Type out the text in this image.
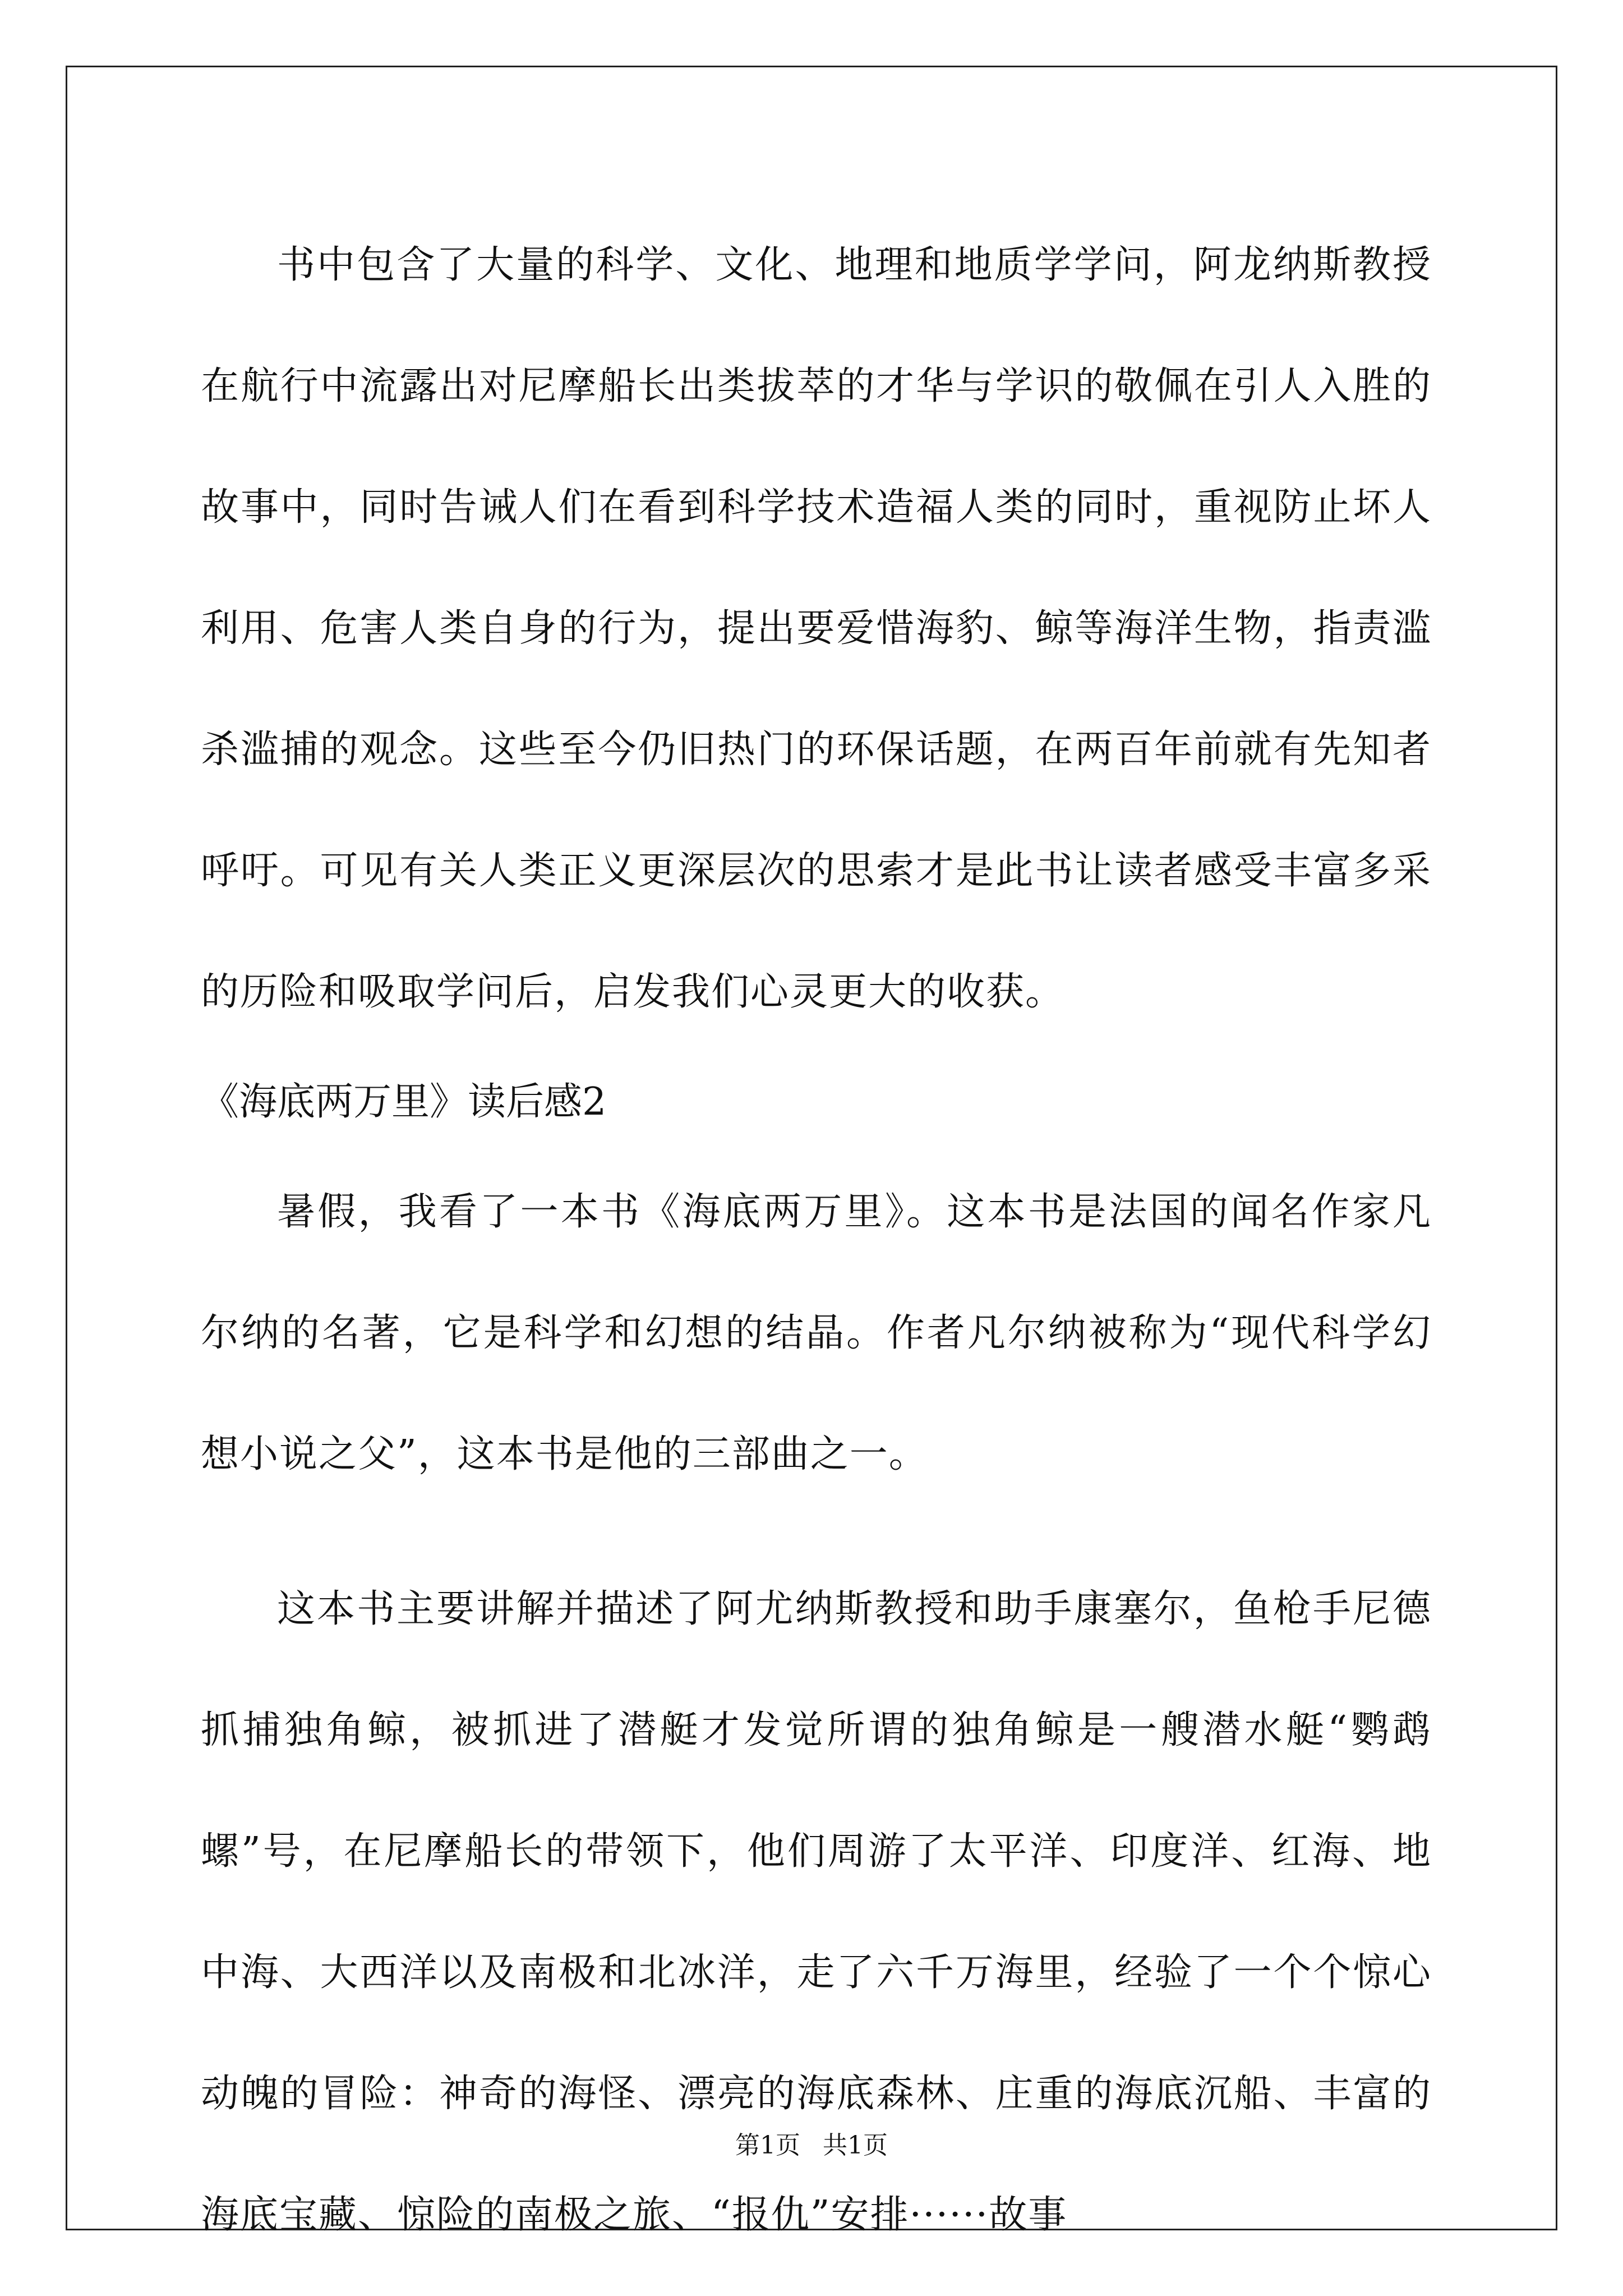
书中包含了大量的科学、文化、地理和地质学学问，阿龙纳斯教授在航行中流露出对尼摩船长出类拔萃的才华与学识的敬佩在引人入胜的故事中，同时告诫人们在看到科学技术造福人类的同时，重视防止坏人利用、危害人类自身的行为，提出要爱惜海豹、鲸等海洋生物，指责滥杀滥捕的观念。这些至今仍旧热门的环保话题，在两百年前就有先知者呼吁。可见有关人类正义更深层次的思索才是此书让读者感受丰富多采的历险和吸取学问后，启发我们心灵更大的收获。

《海底两万里》读后感2

暑假，我看了一本书《海底两万里》。这本书是法国的闻名作家凡尔纳的名著，它是科学和幻想的结晶。作者凡尔纳被称为“现代科学幻想小说之父”，这本书是他的三部曲之一。

这本书主要讲解并描述了阿尤纳斯教授和助手康塞尔，鱼枪手尼德抓捕独角鲸，被抓进了潜艇才发觉所谓的独角鲸是一艘潜水艇“鹦鹉螺”号，在尼摩船长的带领下，他们周游了太平洋、印度洋、红海、地中海、大西洋以及南极和北冰洋，走了六千万海里，经验了一个个惊心动魄的冒险：神奇的海怪、漂亮的海底森林、庄重的海底沉船、丰富的海底宝藏、惊险的南极之旅、“报仇”安排······故事

第1页 共1页
